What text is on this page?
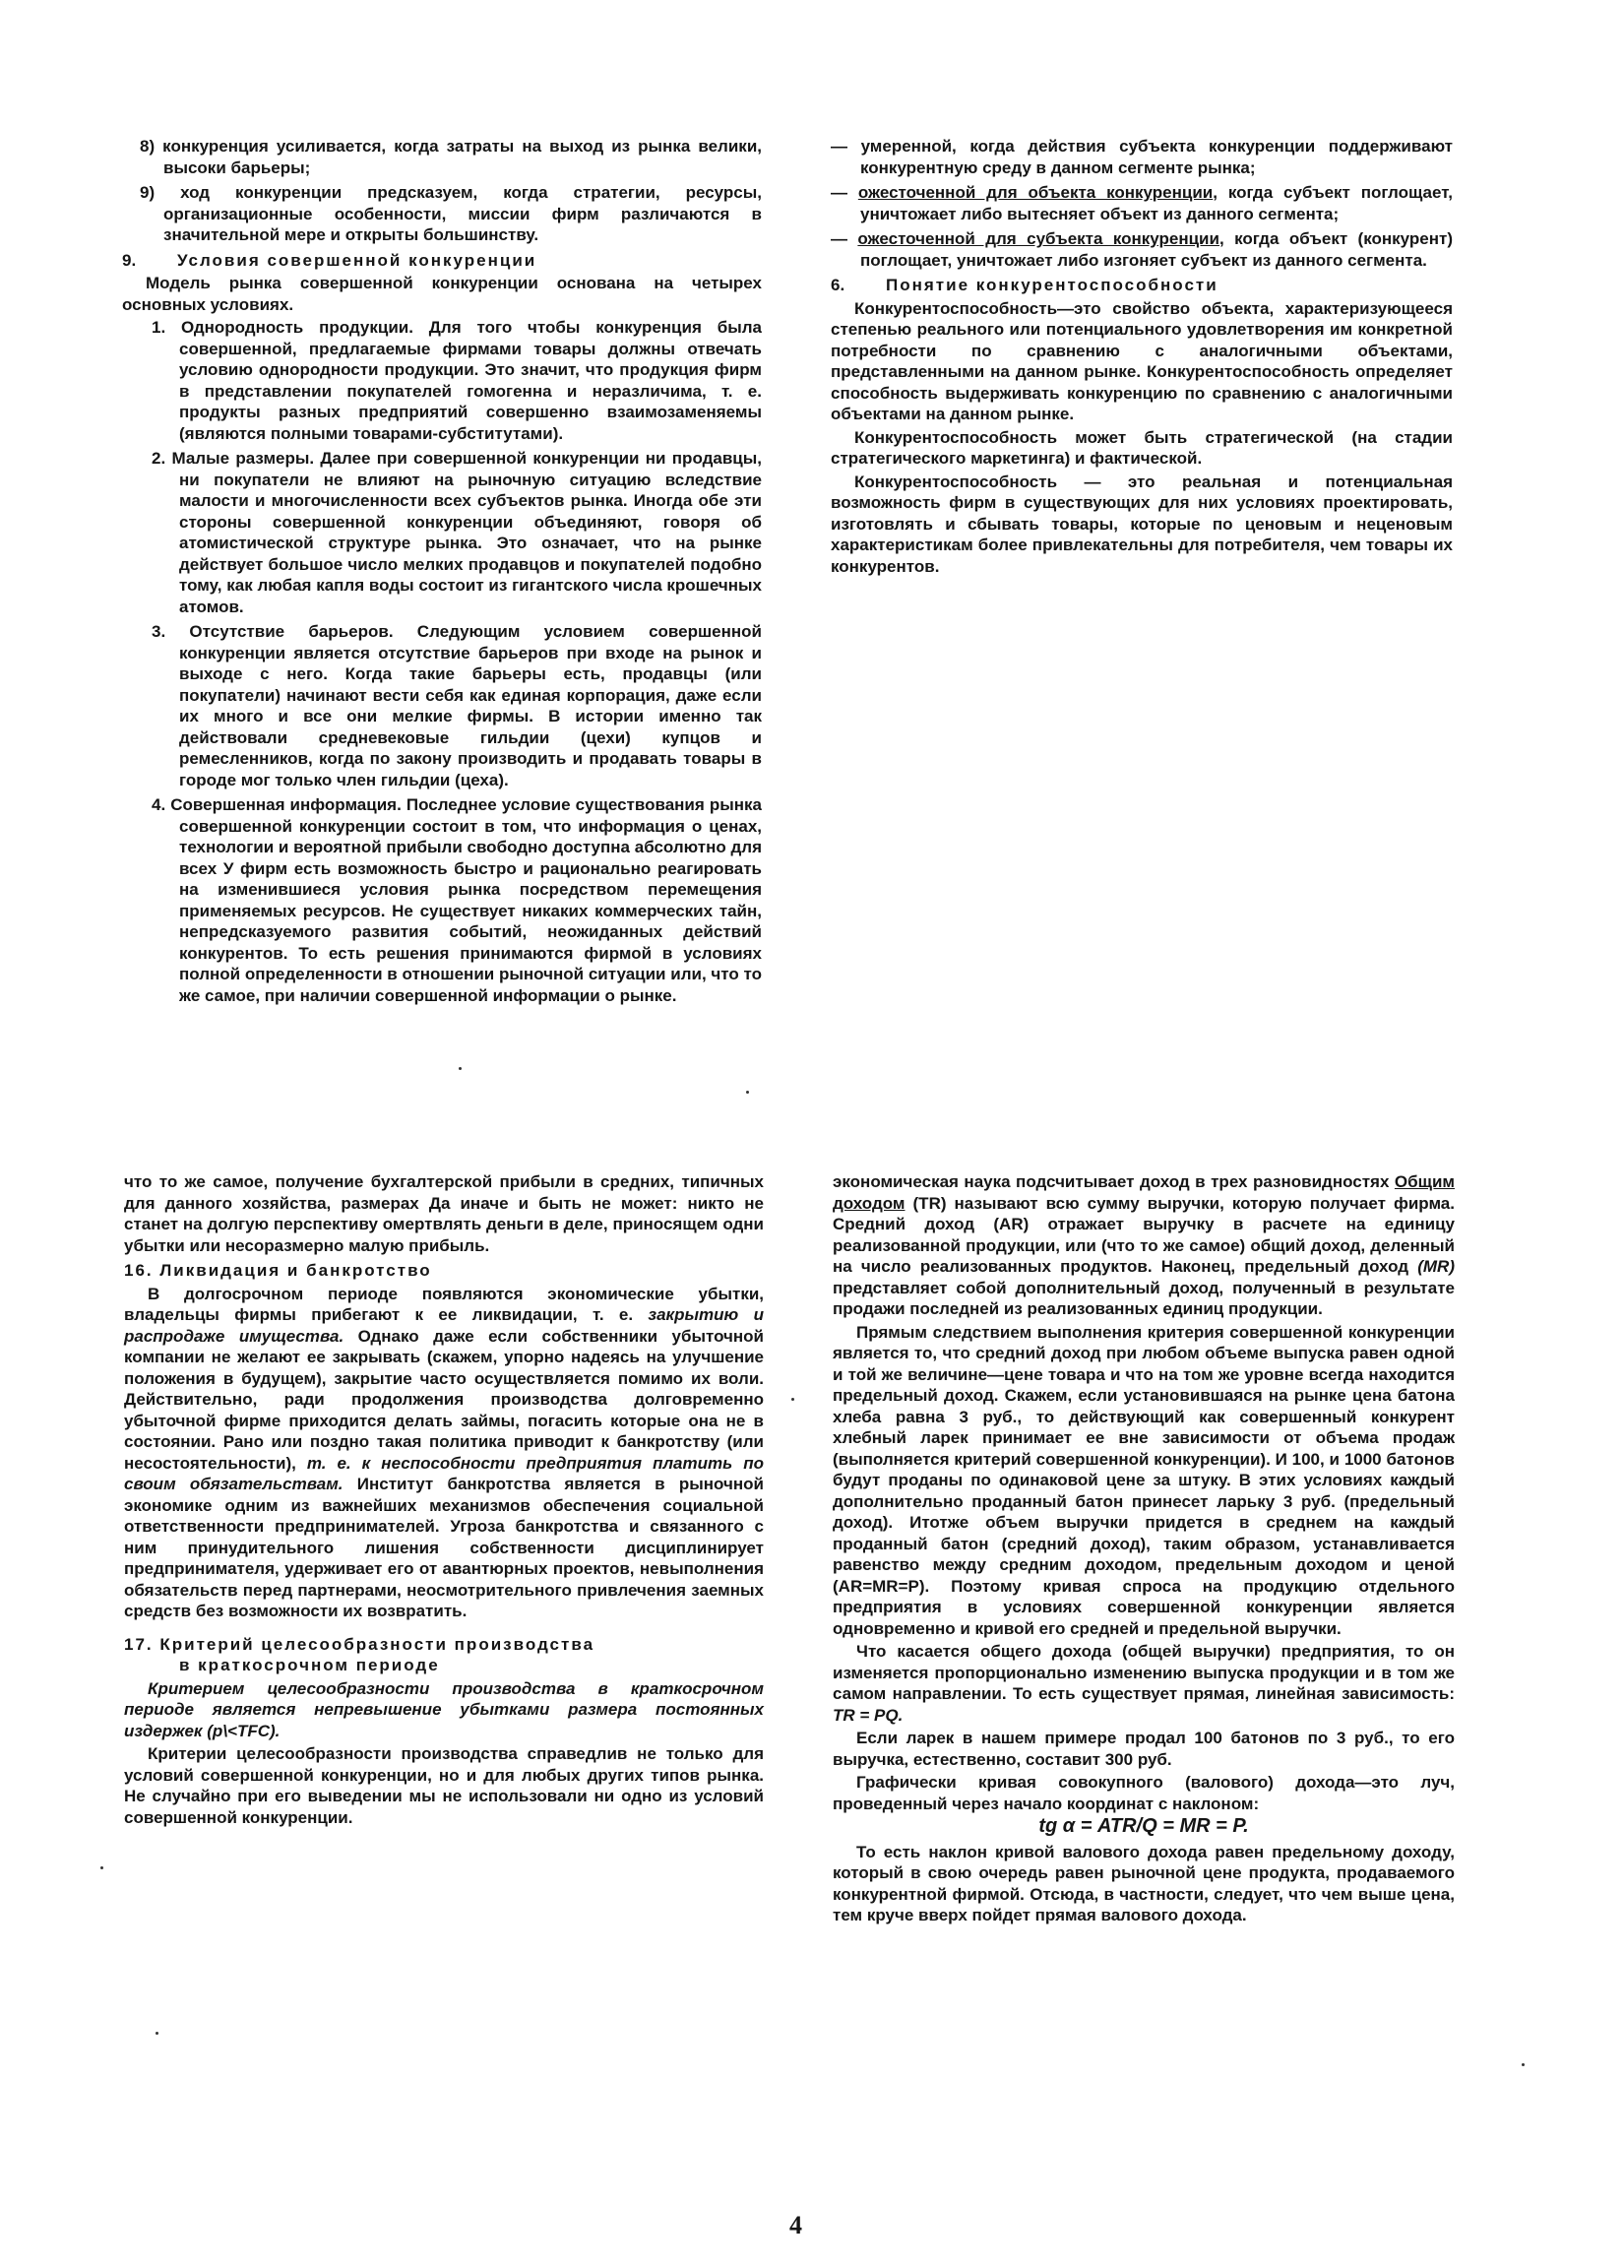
8) конкуренция усиливается, когда затраты на выход из рынка велики, высоки барьеры;

9) ход конкуренции предсказуем, когда стратегии, ресурсы, организационные особенности, миссии фирм различаются в значительной мере и открыты большинству.

9. Условия совершенной конкуренции

Модель рынка совершенной конкуренции основана на четырех основных условиях.

1. Однородность продукции. Для того чтобы конкуренция была совершенной, предлагаемые фирмами товары должны отвечать условию однородности продукции. Это значит, что продукция фирм в представлении покупателей гомогенна и неразличима, т. е. продукты разных предприятий совершенно взаимозаменяемы (являются полными товарами-субститутами).

2. Малые размеры. Далее при совершенной конкуренции ни продавцы, ни покупатели не влияют на рыночную ситуацию вследствие малости и многочисленности всех субъектов рынка. Иногда обе эти стороны совершенной конкуренции объединяют, говоря об атомистической структуре рынка. Это означает, что на рынке действует большое число мелких продавцов и покупателей подобно тому, как любая капля воды состоит из гигантского числа крошечных атомов.

3. Отсутствие барьеров. Следующим условием совершенной конкуренции является отсутствие барьеров при входе на рынок и выходе с него. Когда такие барьеры есть, продавцы (или покупатели) начинают вести себя как единая корпорация, даже если их много и все они мелкие фирмы. В истории именно так действовали средневековые гильдии (цехи) купцов и ремесленников, когда по закону производить и продавать товары в городе мог только член гильдии (цеха).

4. Совершенная информация. Последнее условие существования рынка совершенной конкуренции состоит в том, что информация о ценах, технологии и вероятной прибыли свободно доступна абсолютно для всех У фирм есть возможность быстро и рационально реагировать на изменившиеся условия рынка посредством перемещения применяемых ресурсов. Не существует никаких коммерческих тайн, непредсказуемого развития событий, неожиданных действий конкурентов. То есть решения принимаются фирмой в условиях полной определенности в отношении рыночной ситуации или, что то же самое, при наличии совершенной информации о рынке.

— умеренной, когда действия субъекта конкуренции поддерживают конкурентную среду в данном сегменте рынка;

— ожесточенной для объекта конкуренции, когда субъект поглощает, уничтожает либо вытесняет объект из данного сегмента;

— ожесточенной для субъекта конкуренции, когда объект (конкурент) поглощает, уничтожает либо изгоняет субъект из данного сегмента.

6. Понятие конкурентоспособности

Конкурентоспособность—это свойство объекта, характеризующееся степенью реального или потенциального удовлетворения им конкретной потребности по сравнению с аналогичными объектами, представленными на данном рынке. Конкурентоспособность определяет способность выдерживать конкуренцию по сравнению с аналогичными объектами на данном рынке.

Конкурентоспособность может быть стратегической (на стадии стратегического маркетинга) и фактической.

Конкурентоспособность — это реальная и потенциальная возможность фирм в существующих для них условиях проектировать, изготовлять и сбывать товары, которые по ценовым и неценовым характеристикам более привлекательны для потребителя, чем товары их конкурентов.

что то же самое, получение бухгалтерской прибыли в средних, типичных для данного хозяйства, размерах Да иначе и быть не может: никто не станет на долгую перспективу омертвлять деньги в деле, приносящем одни убытки или несоразмерно малую прибыль.

16. Ликвидация и банкротство

В долгосрочном периоде появляются экономические убытки, владельцы фирмы прибегают к ее ликвидации, т. е. закрытию и распродаже имущества. Однако даже если собственники убыточной компании не желают ее закрывать (скажем, упорно надеясь на улучшение положения в будущем), закрытие часто осуществляется помимо их воли. Действительно, ради продолжения производства долговременно убыточной фирме приходится делать займы, погасить которые она не в состоянии. Рано или поздно такая политика приводит к банкротству (или несостоятельности), т. е. к неспособности предприятия платить по своим обязательствам. Институт банкротства является в рыночной экономике одним из важнейших механизмов обеспечения социальной ответственности предпринимателей. Угроза банкротства и связанного с ним принудительного лишения собственности дисциплинирует предпринимателя, удерживает его от авантюрных проектов, невыполнения обязательств перед партнерами, неосмотрительного привлечения заемных средств без возможности их возвратить.

17. Критерий целесообразности производства
в краткосрочном периоде

Критерием целесообразности производства в краткосрочном периоде является непревышение убытками размера постоянных издержек (p\<TFC).

Критерии целесообразности производства справедлив не только для условий совершенной конкуренции, но и для любых других типов рынка. Не случайно при его выведении мы не использовали ни одно из условий совершенной конкуренции.

экономическая наука подсчитывает доход в трех разновидностях Общим доходом (TR) называют всю сумму выручки, которую получает фирма. Средний доход (AR) отражает выручку в расчете на единицу реализованной продукции, или (что то же самое) общий доход, деленный на число реализованных продуктов. Наконец, предельный доход (MR) представляет собой дополнительный доход, полученный в результате продажи последней из реализованных единиц продукции.

Прямым следствием выполнения критерия совершенной конкуренции является то, что средний доход при любом объеме выпуска равен одной и той же величине—цене товара и что на том же уровне всегда находится предельный доход. Скажем, если установившаяся на рынке цена батона хлеба равна 3 руб., то действующий как совершенный конкурент хлебный ларек принимает ее вне зависимости от объема продаж (выполняется критерий совершенной конкуренции). И 100, и 1000 батонов будут проданы по одинаковой цене за штуку. В этих условиях каждый дополнительно проданный батон принесет ларьку 3 руб. (предельный доход). Итотже объем выручки придется в среднем на каждый проданный батон (средний доход), таким образом, устанавливается равенство между средним доходом, предельным доходом и ценой (AR=MR=P). Поэтому кривая спроса на продукцию отдельного предприятия в условиях совершенной конкуренции является одновременно и кривой его средней и предельной выручки.

Что касается общего дохода (общей выручки) предприятия, то он изменяется пропорционально изменению выпуска продукции и в том же самом направлении. То есть существует прямая, линейная зависимость: TR = PQ.

Если ларек в нашем примере продал 100 батонов по 3 руб., то его выручка, естественно, составит 300 руб.

Графически кривая совокупного (валового) дохода—это луч, проведенный через начало координат с наклоном:

tg α = ATR/Q = MR = P.

То есть наклон кривой валового дохода равен предельному доходу, который в свою очередь равен рыночной цене продукта, продаваемого конкурентной фирмой. Отсюда, в частности, следует, что чем выше цена, тем круче вверх пойдет прямая валового дохода.

4
